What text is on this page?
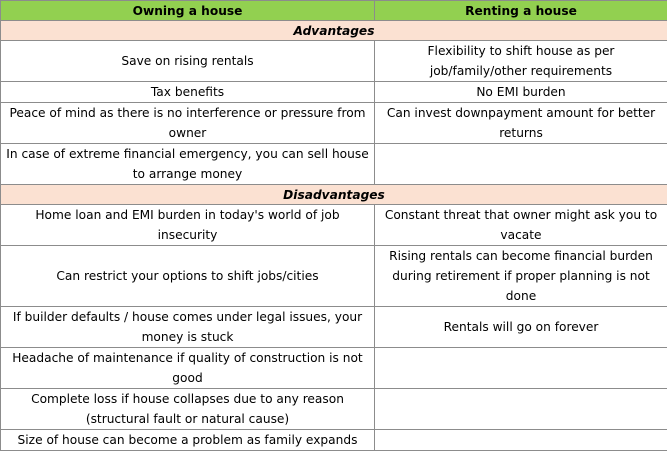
Owning a house	Renting a house
Advantages	
Save on rising rentals	Flexibility to shift house as per job/family/other requirements
Tax benefits	No EMI burden
Peace of mind as there is no interference or pressure from owner	Can invest downpayment amount for better returns
In case of extreme financial emergency, you can sell house to arrange money	
Disadvantages	
Home loan and EMI burden in today's world of job insecurity	Constant threat that owner might ask you to vacate
Can restrict your options to shift jobs/cities	Rising rentals can become financial burden during retirement if proper planning is not done
If builder defaults / house comes under legal issues, your money is stuck	Rentals will go on forever
Headache of maintenance if quality of construction is not good	
Complete loss if house collapses due to any reason (structural fault or natural cause)	
Size of house can become a problem as family expands	
